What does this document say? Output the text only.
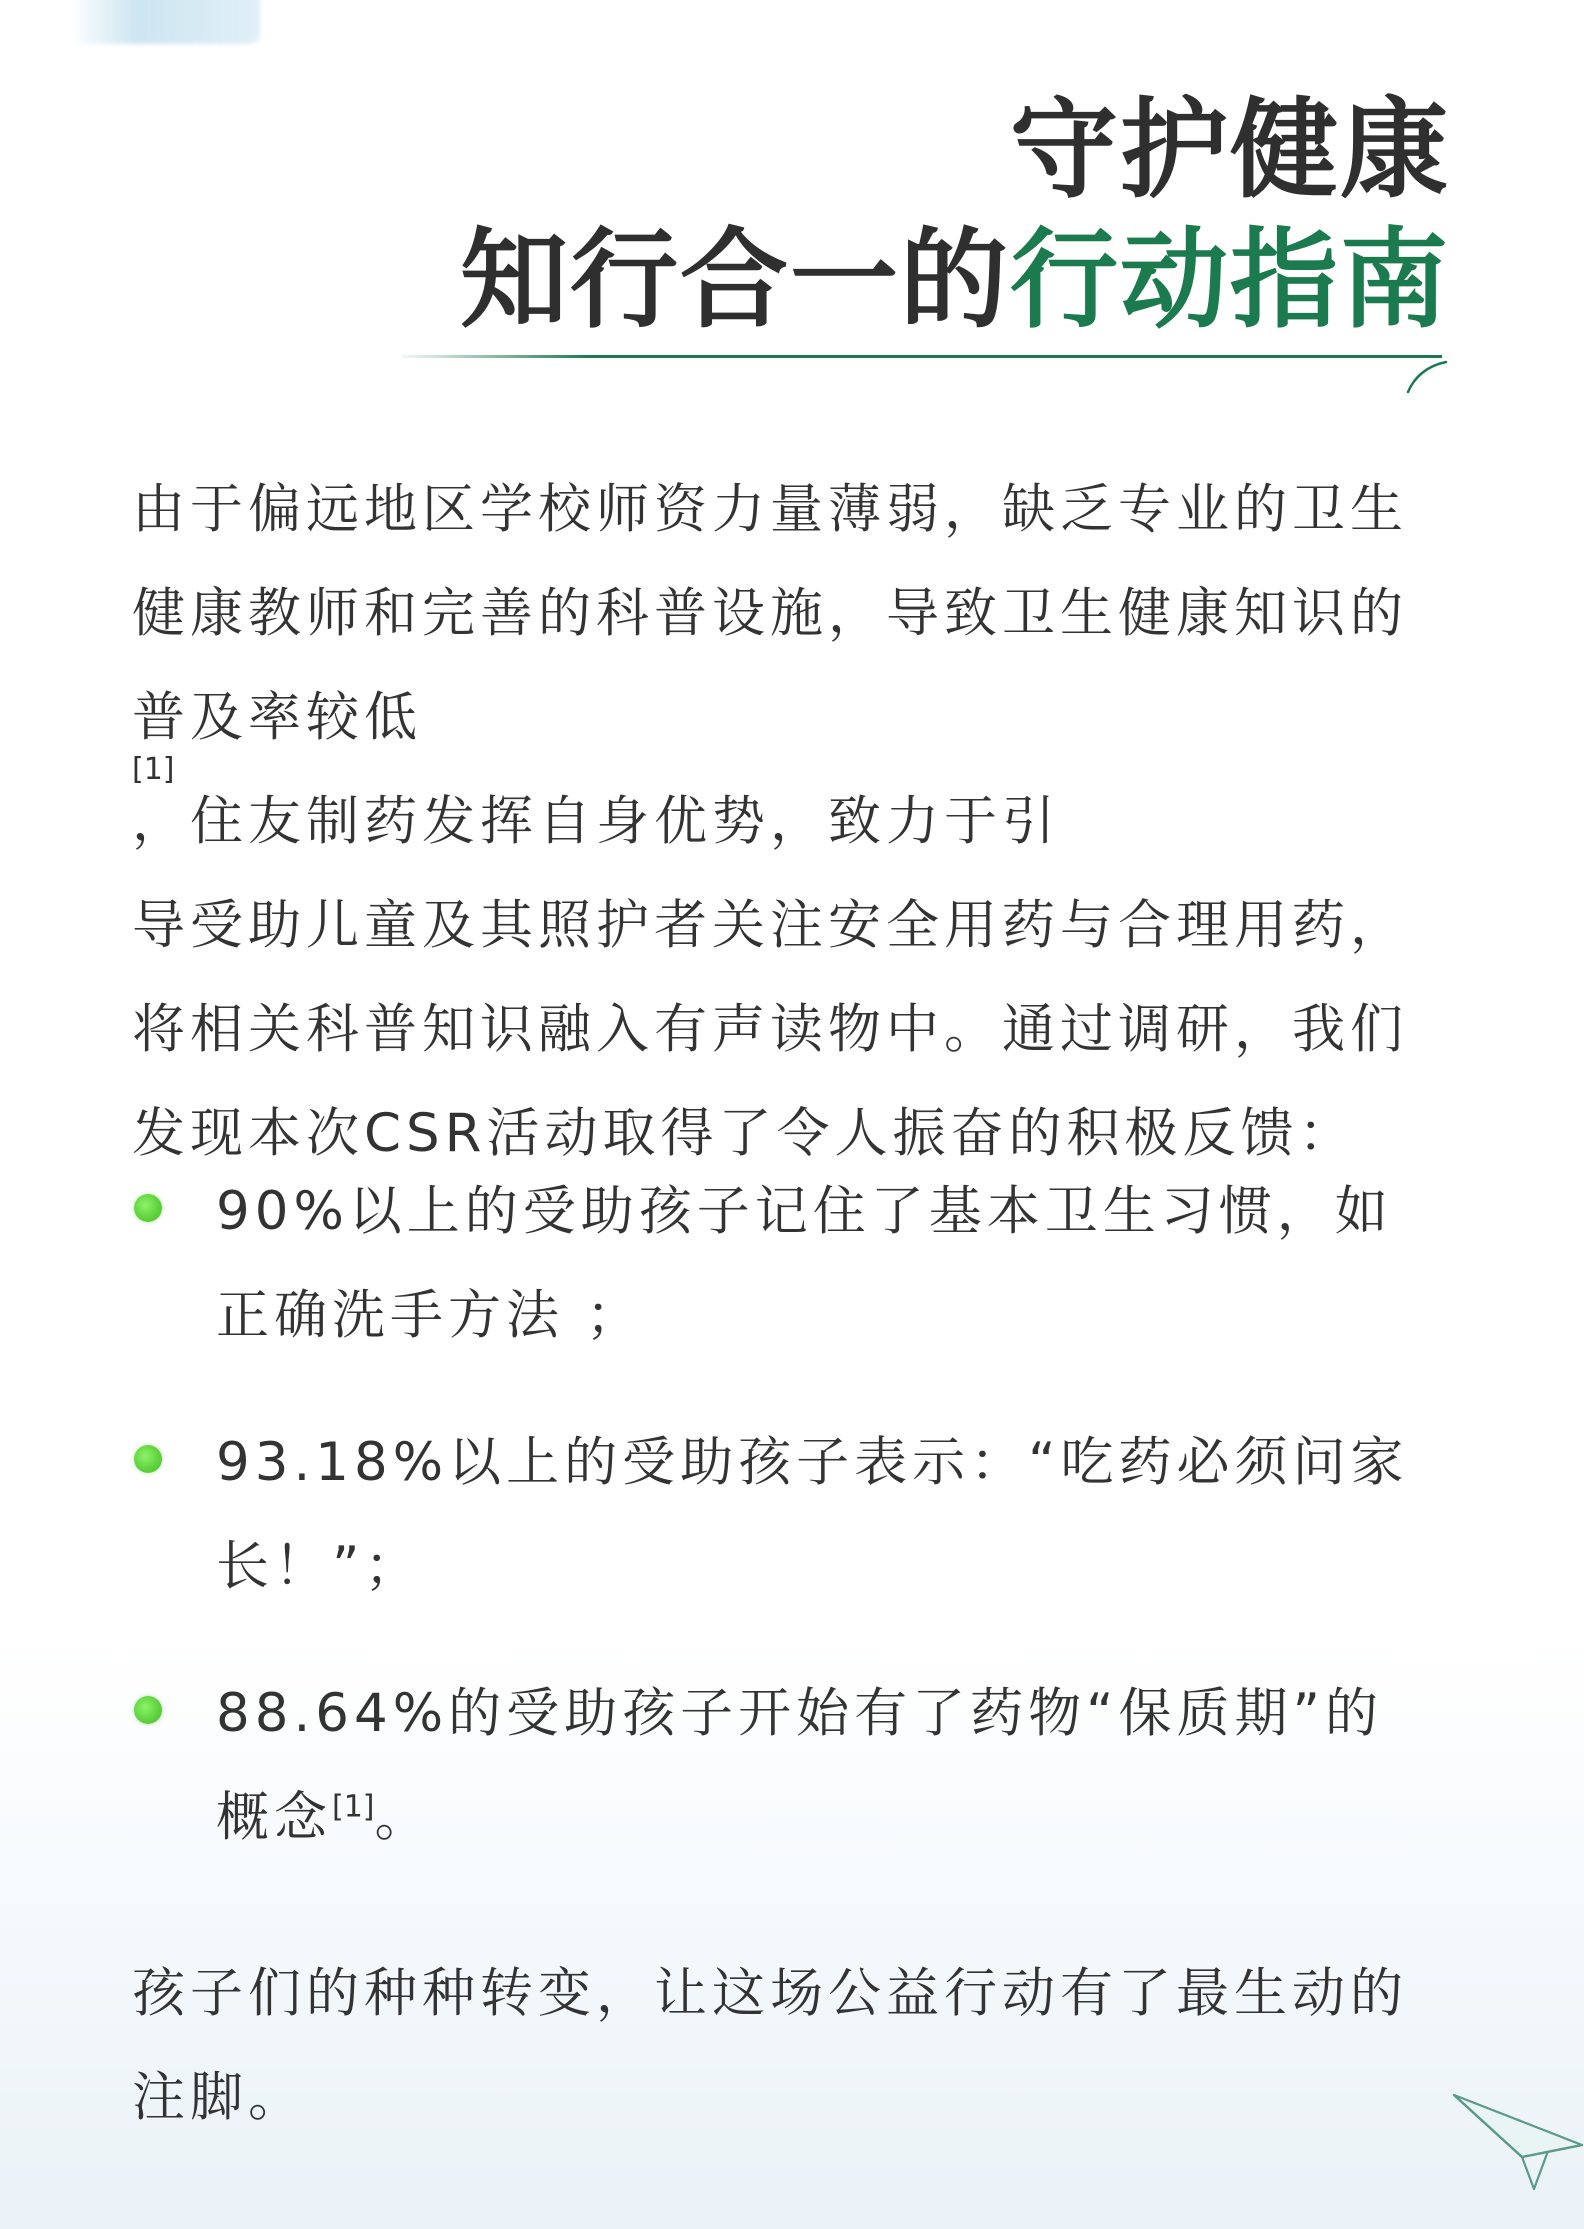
守护健康
知行合一的行动指南
由于偏远地区学校师资力量薄弱，缺乏专业的卫生
健康教师和完善的科普设施，导致卫生健康知识的
普及率较低
[1]
，住友制药发挥自身优势，致力于引
导受助儿童及其照护者关注安全用药与合理用药，
将相关科普知识融入有声读物中。通过调研，我们
发现本次CSR活动取得了令人振奋的积极反馈：
90%以上的受助孩子记住了基本卫生习惯，如
正确洗手方法 ；
93.18%以上的受助孩子表示：“吃药必须问家
长！”；
88.64%的受助孩子开始有了药物“保质期”的
概念[1]。
孩子们的种种转变，让这场公益行动有了最生动的
注脚。
